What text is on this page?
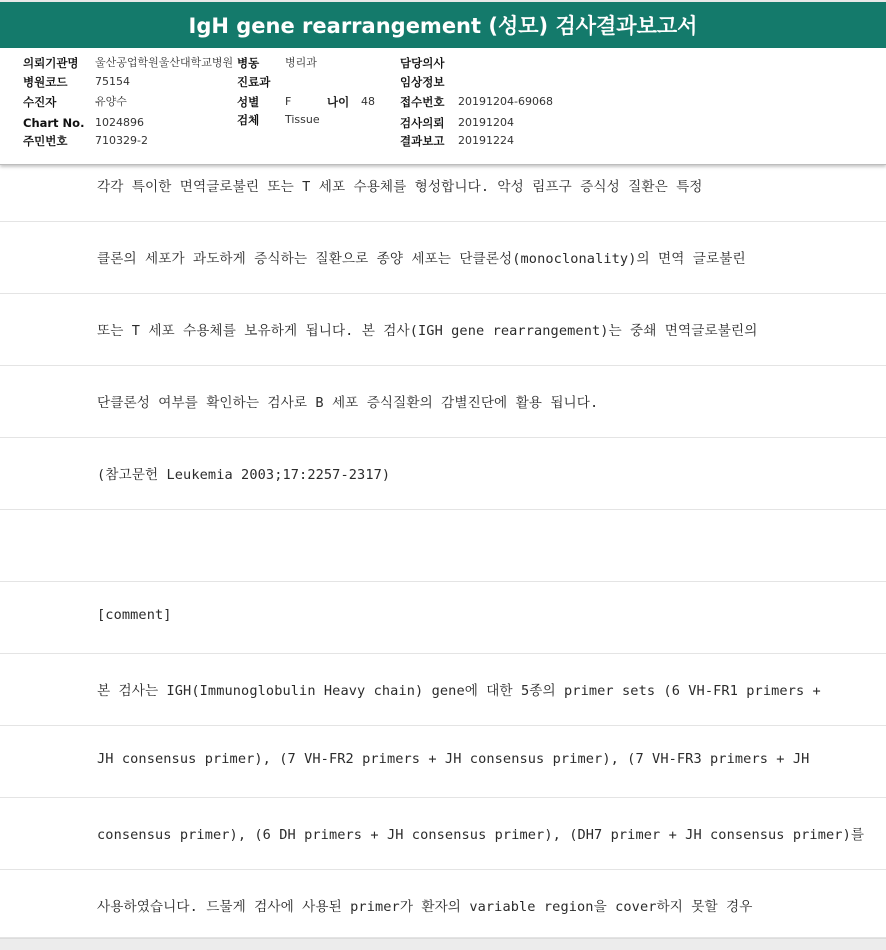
IgH gene rearrangement (성모) 검사결과보고서
의뢰기관명 울산공업학원울산대학교병원 병동 병리과	담당의사
병원코드	75154	진료과	임상정보
수진자	유양수	성별 F	나이 48 접수번호 20191204-69068
Chart No. 1024896	검체 Tissue	검사의뢰 20191204
주민번호	710329-2	결과보고 20191224
각각 특이한 면역글로불린 또는 T 세포 수용체를 형성합니다. 악성 림프구 증식성 질환은 특정
클론의 세포가 과도하게 증식하는 질환으로 종양 세포는 단클론성(monoclonality)의 면역 글로불린
또는 T 세포 수용체를 보유하게 됩니다. 본 검사(IGH gene rearrangement)는 중쇄 면역글로불린의
단클론성 여부를 확인하는 검사로 B 세포 증식질환의 감별진단에 활용 됩니다.
(참고문헌 Leukemia 2003;17:2257-2317)
[comment]
본 검사는 IGH(Immunoglobulin Heavy chain) gene에 대한 5종의 primer sets (6 VH-FR1 primers +
JH consensus primer), (7 VH-FR2 primers + JH consensus primer), (7 VH-FR3 primers + JH
consensus primer), (6 DH primers + JH consensus primer), (DH7 primer + JH consensus primer)를
사용하였습니다. 드물게 검사에 사용된 primer가 환자의 variable region을 cover하지 못할 경우
